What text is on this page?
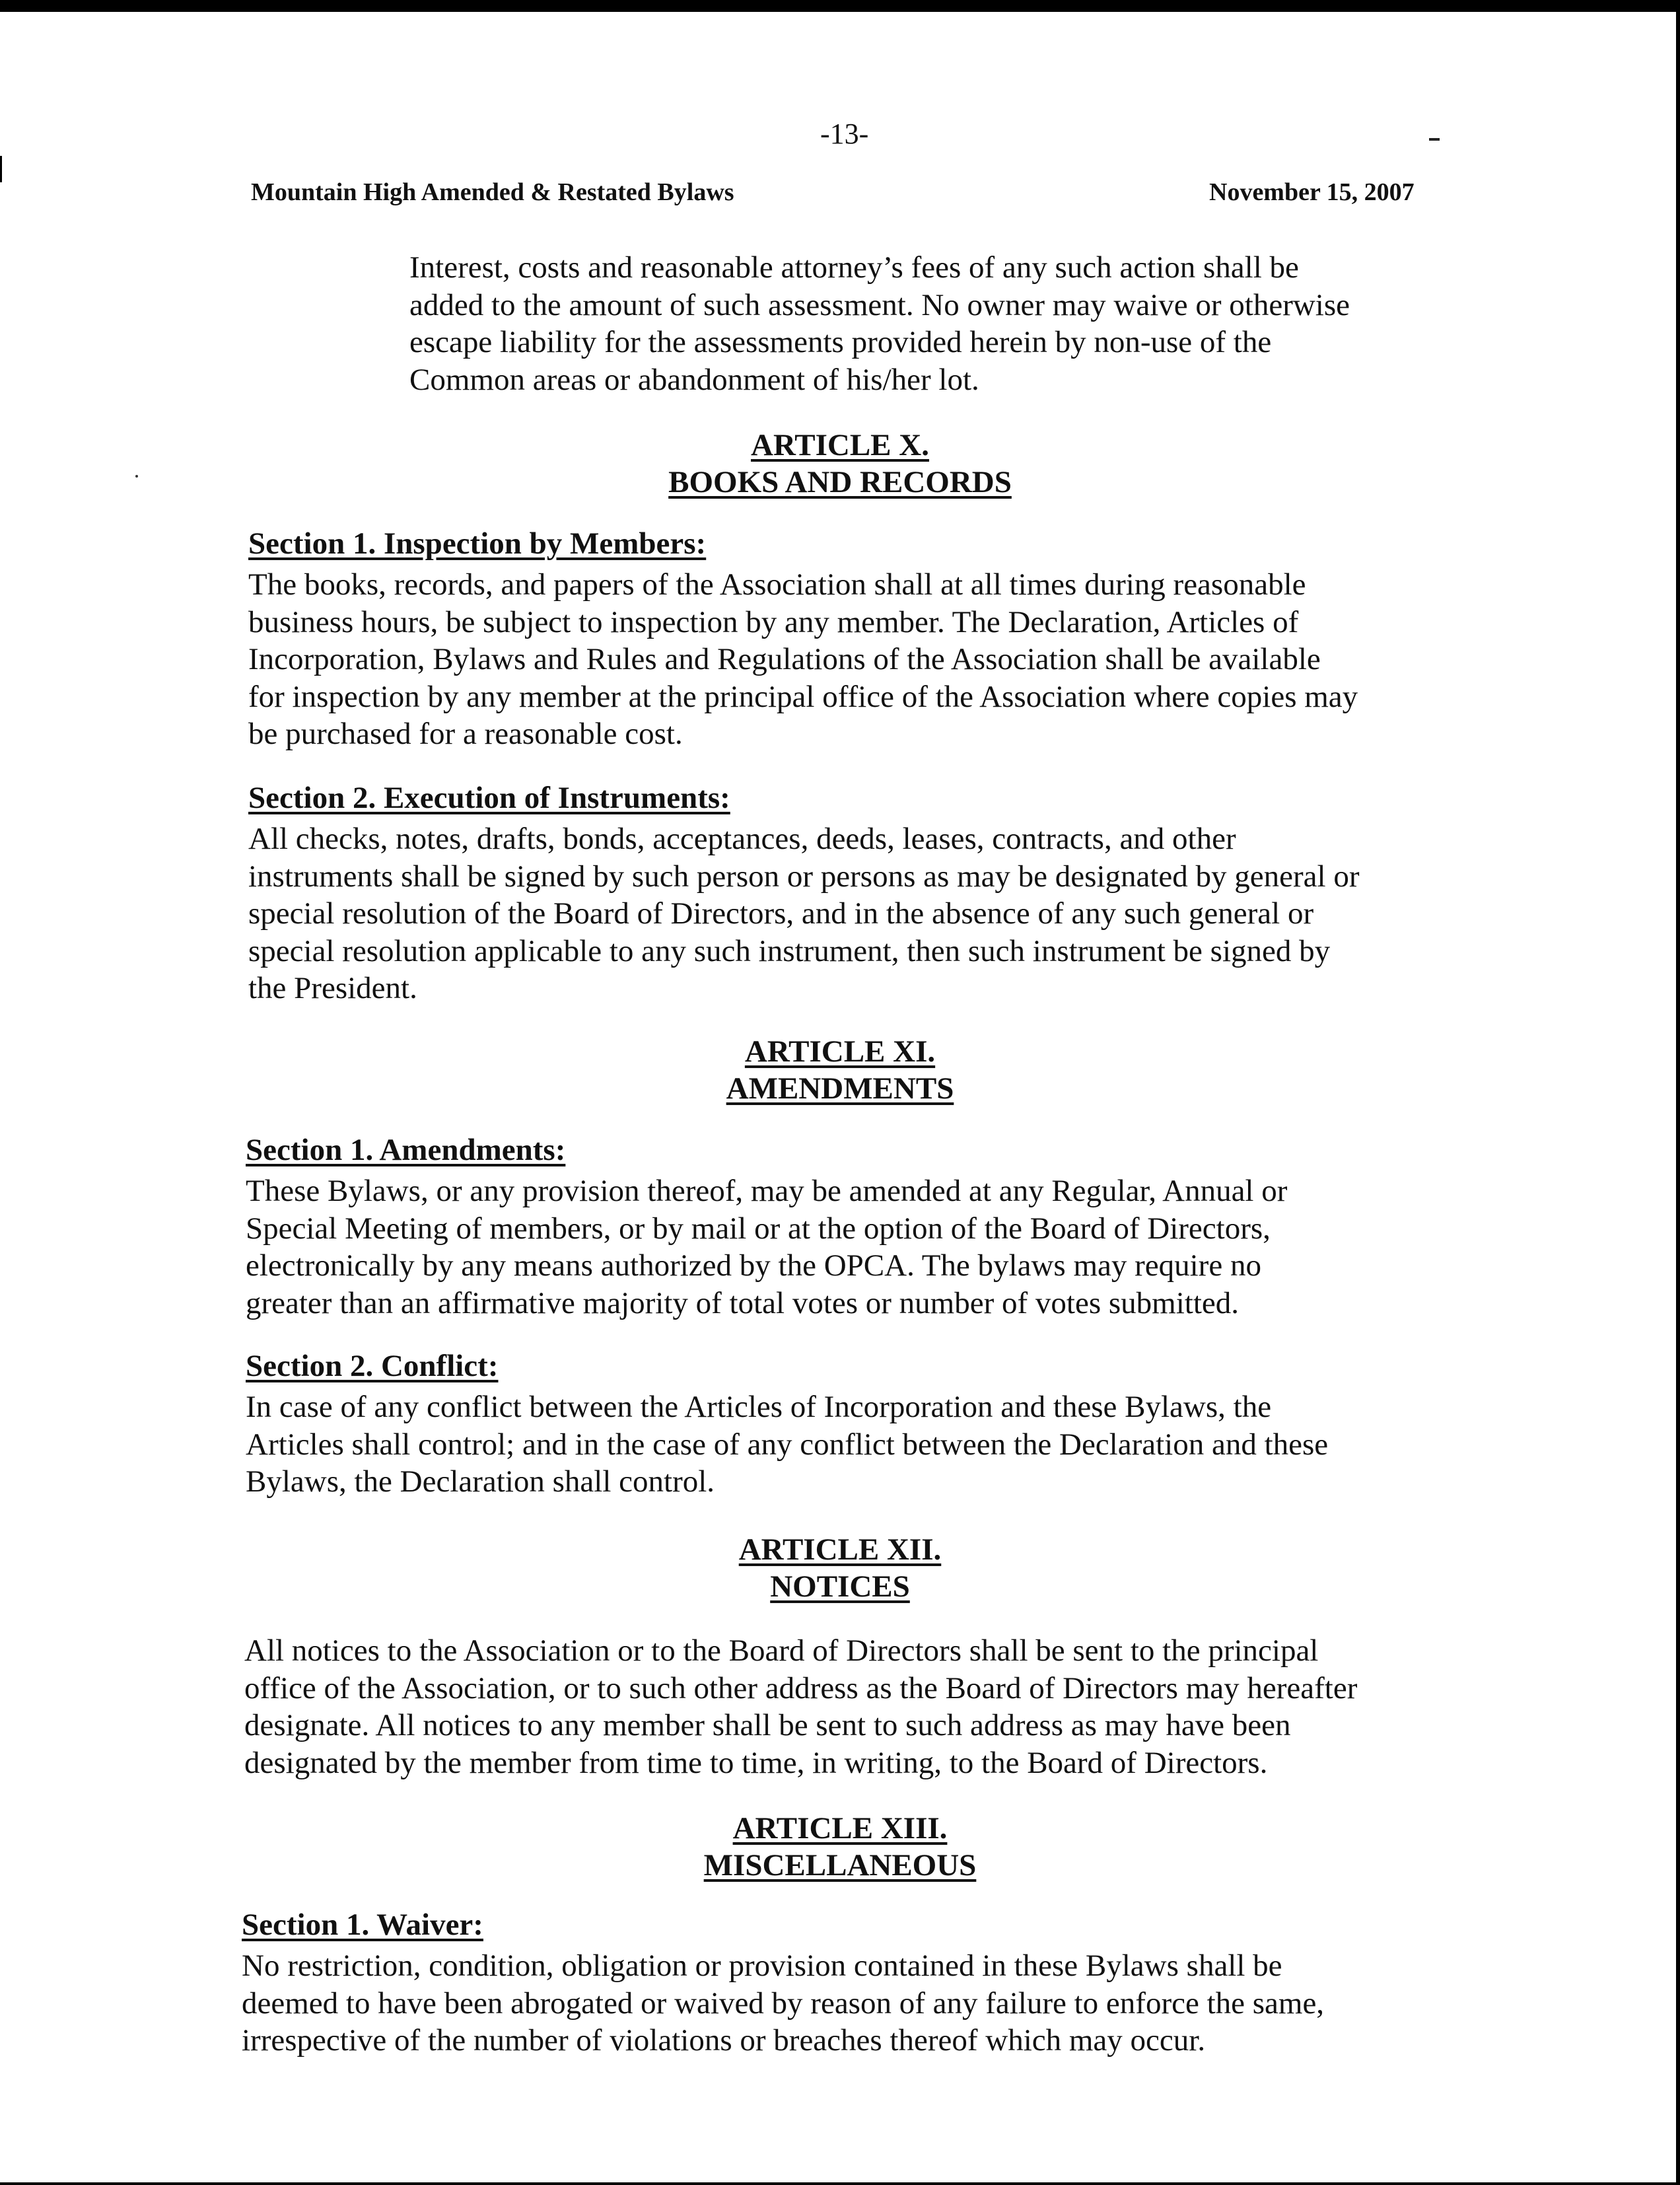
-13-
Mountain High Amended & Restated Bylaws	November 15, 2007
Interest, costs and reasonable attorney’s fees of any such action shall be
added to the amount of such assessment. No owner may waive or otherwise
escape liability for the assessments provided herein by non-use of the
Common areas or abandonment of his/her lot.
ARTICLE X.
BOOKS AND RECORDS
Section 1. Inspection by Members:
The books, records, and papers of the Association shall at all times during reasonable
business hours, be subject to inspection by any member. The Declaration, Articles of
Incorporation, Bylaws and Rules and Regulations of the Association shall be available
for inspection by any member at the principal office of the Association where copies may
be purchased for a reasonable cost.
Section 2. Execution of Instruments:
All checks, notes, drafts, bonds, acceptances, deeds, leases, contracts, and other
instruments shall be signed by such person or persons as may be designated by general or
special resolution of the Board of Directors, and in the absence of any such general or
special resolution applicable to any such instrument, then such instrument be signed by
the President.
ARTICLE XI.
AMENDMENTS
Section 1. Amendments:
These Bylaws, or any provision thereof, may be amended at any Regular, Annual or
Special Meeting of members, or by mail or at the option of the Board of Directors,
electronically by any means authorized by the OPCA. The bylaws may require no
greater than an affirmative majority of total votes or number of votes submitted.
Section 2. Conflict:
In case of any conflict between the Articles of Incorporation and these Bylaws, the
Articles shall control; and in the case of any conflict between the Declaration and these
Bylaws, the Declaration shall control.
ARTICLE XII.
NOTICES
All notices to the Association or to the Board of Directors shall be sent to the principal
office of the Association, or to such other address as the Board of Directors may hereafter
designate. All notices to any member shall be sent to such address as may have been
designated by the member from time to time, in writing, to the Board of Directors.
ARTICLE XIII.
MISCELLANEOUS
Section 1. Waiver:
No restriction, condition, obligation or provision contained in these Bylaws shall be
deemed to have been abrogated or waived by reason of any failure to enforce the same,
irrespective of the number of violations or breaches thereof which may occur.
